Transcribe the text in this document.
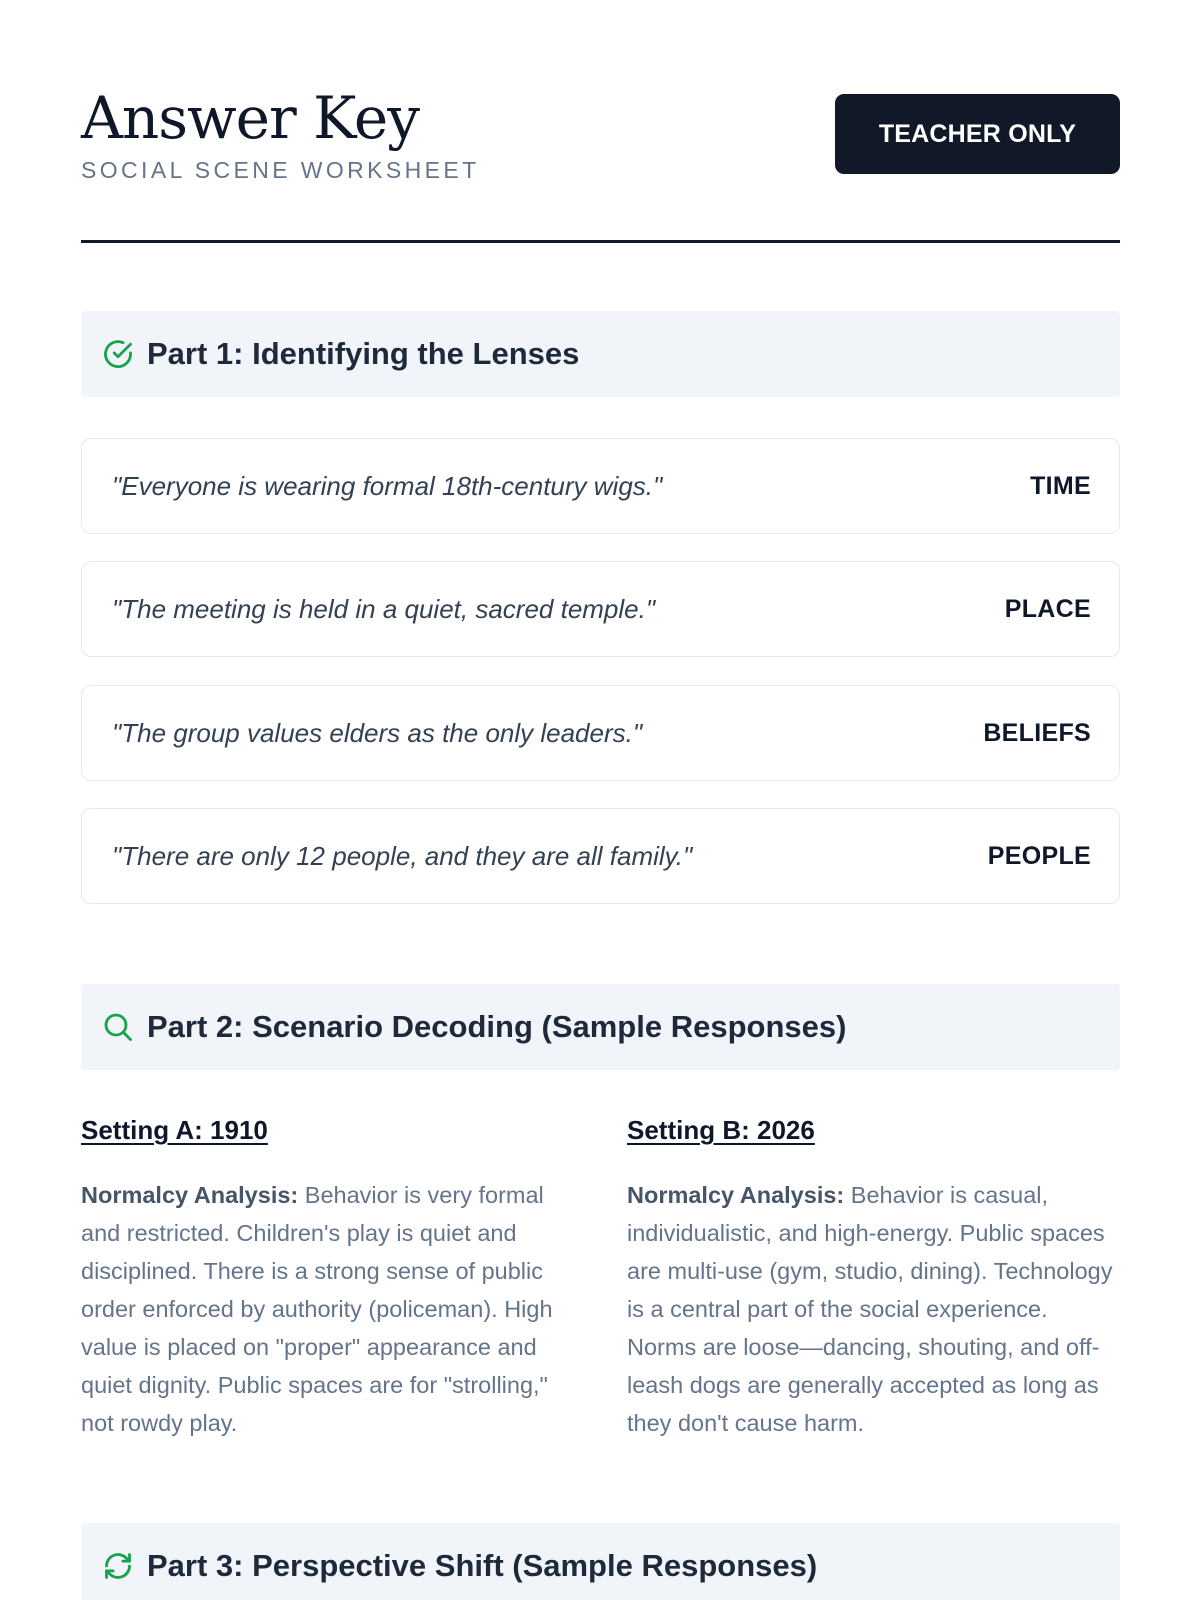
Answer Key
SOCIAL SCENE WORKSHEET
TEACHER ONLY
Part 1: Identifying the Lenses
"Everyone is wearing formal 18th-century wigs."	TIME
"The meeting is held in a quiet, sacred temple."	PLACE
"The group values elders as the only leaders."	BELIEFS
"There are only 12 people, and they are all family."	PEOPLE
Part 2: Scenario Decoding (Sample Responses)
Setting A: 1910

Normalcy Analysis: Behavior is very formal and restricted. Children's play is quiet and disciplined. There is a strong sense of public order enforced by authority (policeman). High value is placed on "proper" appearance and quiet dignity. Public spaces are for "strolling," not rowdy play.

Setting B: 2026

Normalcy Analysis: Behavior is casual, individualistic, and high-energy. Public spaces are multi-use (gym, studio, dining). Technology is a central part of the social experience. Norms are loose—dancing, shouting, and off-leash dogs are generally accepted as long as they don't cause harm.

Part 3: Perspective Shift (Sample Responses)
